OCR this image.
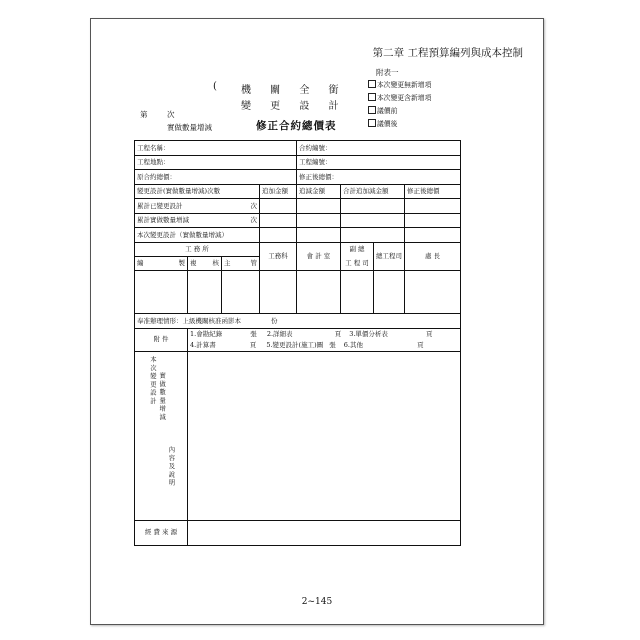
第二章 工程預算編列與成本控制
附表一
本次變更無新增項
本次變更含新增項
議價前
議價後
( 機 關 全 銜
變 更 設 計
第	次
實做數量增減	修正合約總價表
工程名稱：				合約編號：			
工程地點：				工程編號：			
原合約總價：				修正後總價：			
變更設計(實做數量增減)次數			追加金額	追減金額	合計追加減金額		修正後總價
累計已變更設計 次							

累計實做數量增減 次							

本次變更設計（實做數量增減）							
工 務 所			工務科	會 計 室	副 總	總工程司	處 長
編 製	複 核	主 管			工 程 司		

奉准辦理情形：上級機關核准函影本 份							
附 件	1.會勘紀錄 張 2.詳細表 頁 3.單價分析表 頁						
	4.計算書 頁 5.變更設計(施工)圖 張 6.其他 頁						

本次變更設計 實做數量增減
內容及說明							

經 費 來 源							
2~145
